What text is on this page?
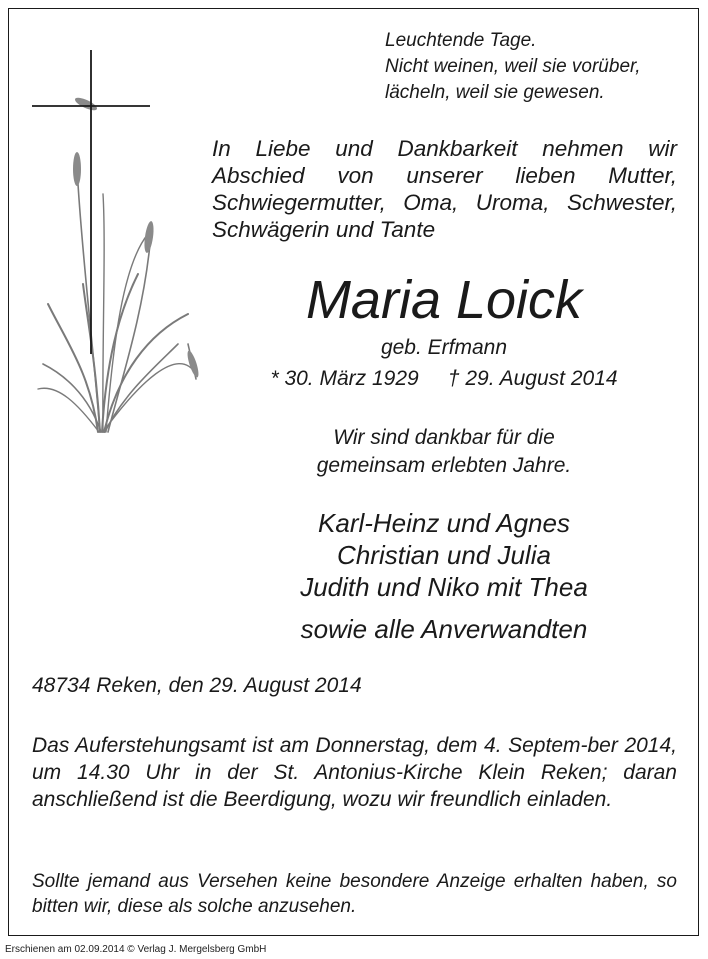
Leuchtende Tage.
Nicht weinen, weil sie vorüber,
lächeln, weil sie gewesen.
In Liebe und Dankbarkeit nehmen wir Abschied von unserer lieben Mutter, Schwiegermutter, Oma, Uroma, Schwester, Schwägerin und Tante
Maria Loick
geb. Erfmann
* 30. März 1929     † 29. August 2014
Wir sind dankbar für die
gemeinsam erlebten Jahre.
Karl-Heinz und Agnes
Christian und Julia
Judith und Niko mit Thea
sowie alle Anverwandten
48734 Reken, den 29. August 2014
Das Auferstehungsamt ist am Donnerstag, dem 4. Septem-ber 2014, um 14.30 Uhr in der St. Antonius-Kirche Klein Reken; daran anschließend ist die Beerdigung, wozu wir freundlich einladen.
Sollte jemand aus Versehen keine besondere Anzeige erhalten haben, so bitten wir, diese als solche anzusehen.
Erschienen am 02.09.2014 © Verlag J. Mergelsberg GmbH
